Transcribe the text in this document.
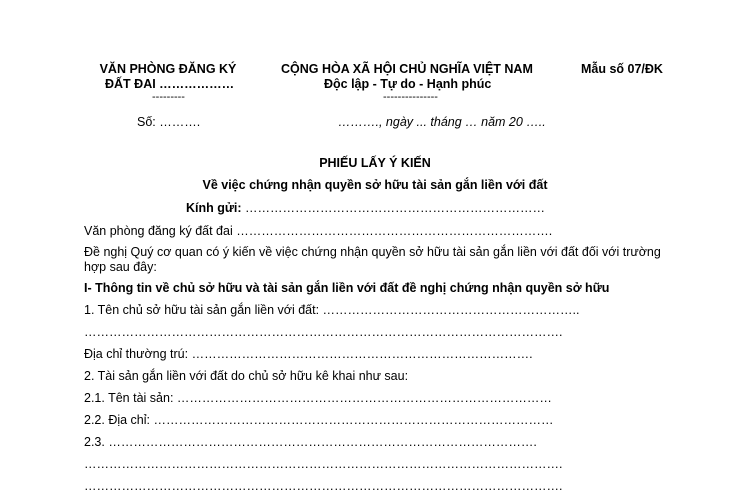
VĂN PHÒNG ĐĂNG KÝ
ĐẤT ĐAI ………………
---------
CỘNG HÒA XÃ HỘI CHỦ NGHĨA VIỆT NAM
Độc lập - Tự do - Hạnh phúc
---------------
Mẫu số 07/ĐK
Số: ……….	………., ngày ... tháng … năm 20 …..
PHIẾU LẤY Ý KIẾN
Về việc chứng nhận quyền sở hữu tài sản gắn liền với đất
Kính gửi: ………………………………………………………………
Văn phòng đăng ký đất đai ………………………………………………………………….
Đề nghị Quý cơ quan có ý kiến về việc chứng nhận quyền sở hữu tài sản gắn liền với đất đối với trường
hợp sau đây:
I- Thông tin về chủ sở hữu và tài sản gắn liền với đất đề nghị chứng nhận quyền sở hữu
1. Tên chủ sở hữu tài sản gắn liền với đất: ……………………………………………………..
…………………………………………………………………………………………………….
Địa chỉ thường trú: ……………………………………………………………………….
2. Tài sản gắn liền với đất do chủ sở hữu kê khai như sau:
2.1. Tên tài sản: ………………………………………………………………………………
2.2. Địa chỉ: ……………………………………………………………………………………
2.3. ………………………………………………………………………………………….
…………………………………………………………………………………………………….
…………………………………………………………………………………………………….
